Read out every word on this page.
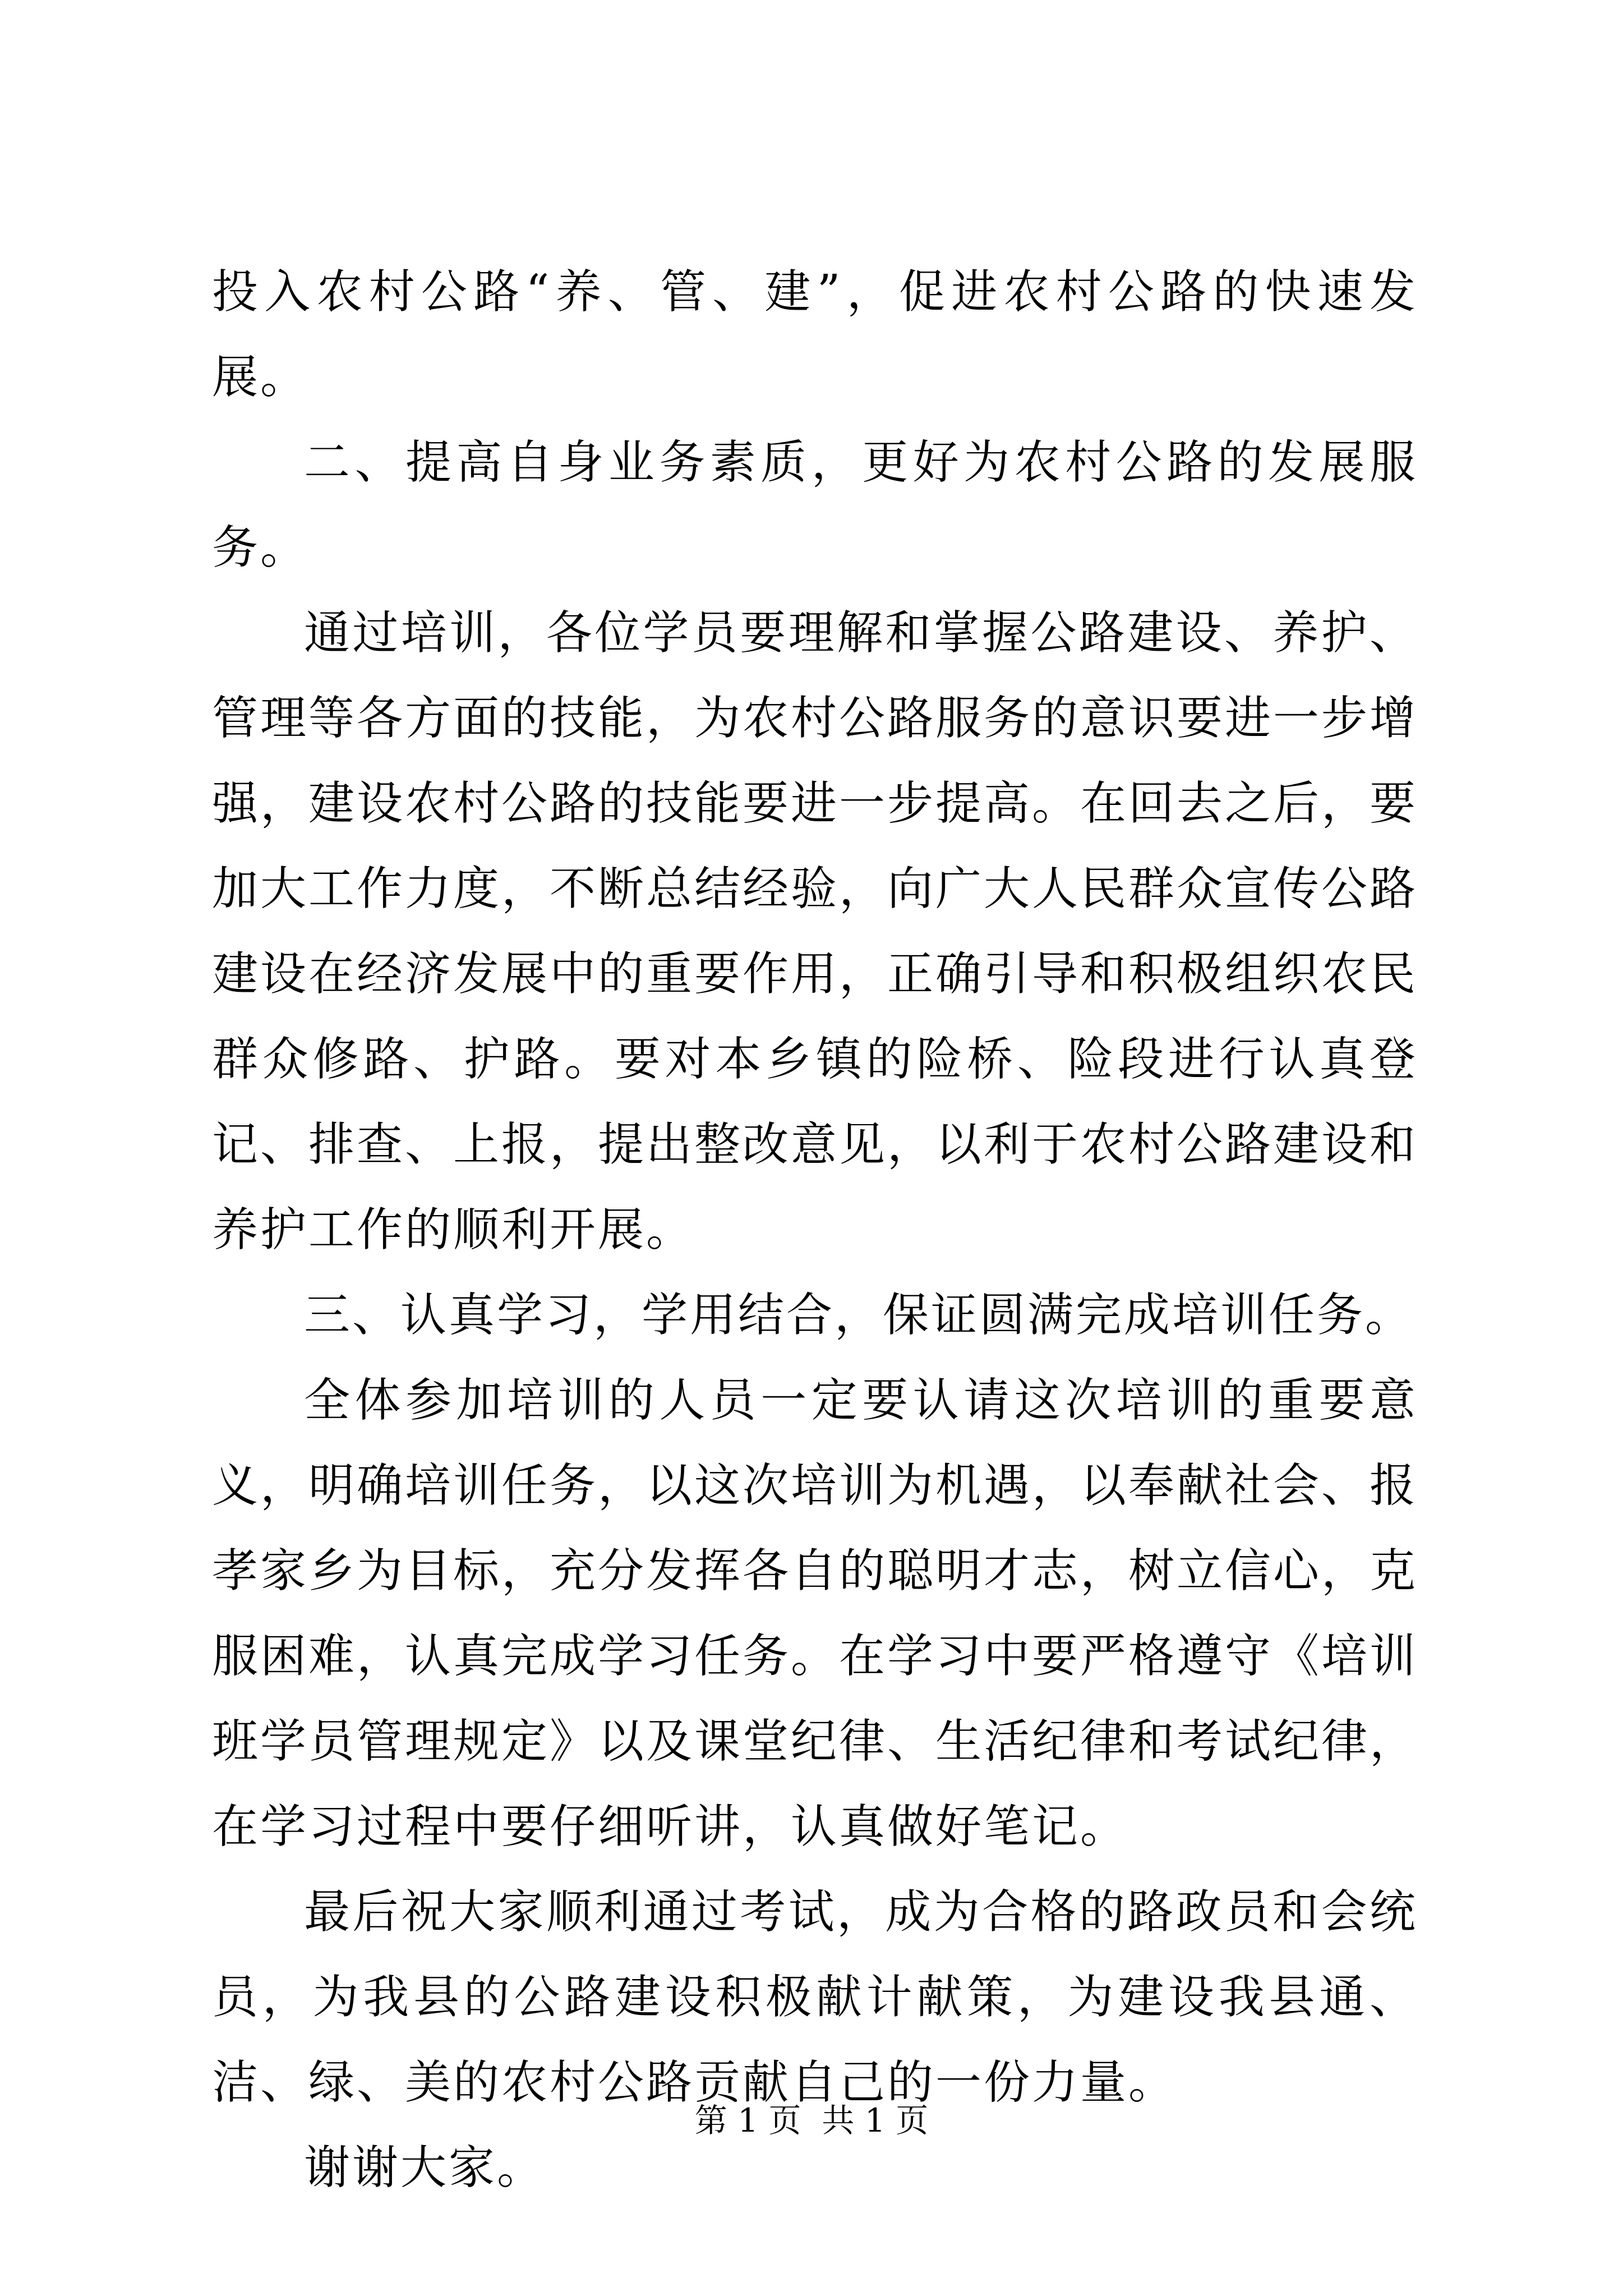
投入农村公路“养、管、建”，促进农村公路的快速发展。

二、提高自身业务素质，更好为农村公路的发展服务。

通过培训，各位学员要理解和掌握公路建设、养护、管理等各方面的技能，为农村公路服务的意识要进一步增强，建设农村公路的技能要进一步提高。在回去之后，要加大工作力度，不断总结经验，向广大人民群众宣传公路建设在经济发展中的重要作用，正确引导和积极组织农民群众修路、护路。要对本乡镇的险桥、险段进行认真登记、排查、上报，提出整改意见，以利于农村公路建设和养护工作的顺利开展。

三、认真学习，学用结合，保证圆满完成培训任务。

全体参加培训的人员一定要认请这次培训的重要意义，明确培训任务，以这次培训为机遇，以奉献社会、报孝家乡为目标，充分发挥各自的聪明才志，树立信心，克服困难，认真完成学习任务。在学习中要严格遵守《培训班学员管理规定》以及课堂纪律、生活纪律和考试纪律，在学习过程中要仔细听讲，认真做好笔记。

最后祝大家顺利通过考试，成为合格的路政员和会统员，为我县的公路建设积极献计献策，为建设我县通、洁、绿、美的农村公路贡献自己的一份力量。

谢谢大家。

第 1 页  共 1 页
